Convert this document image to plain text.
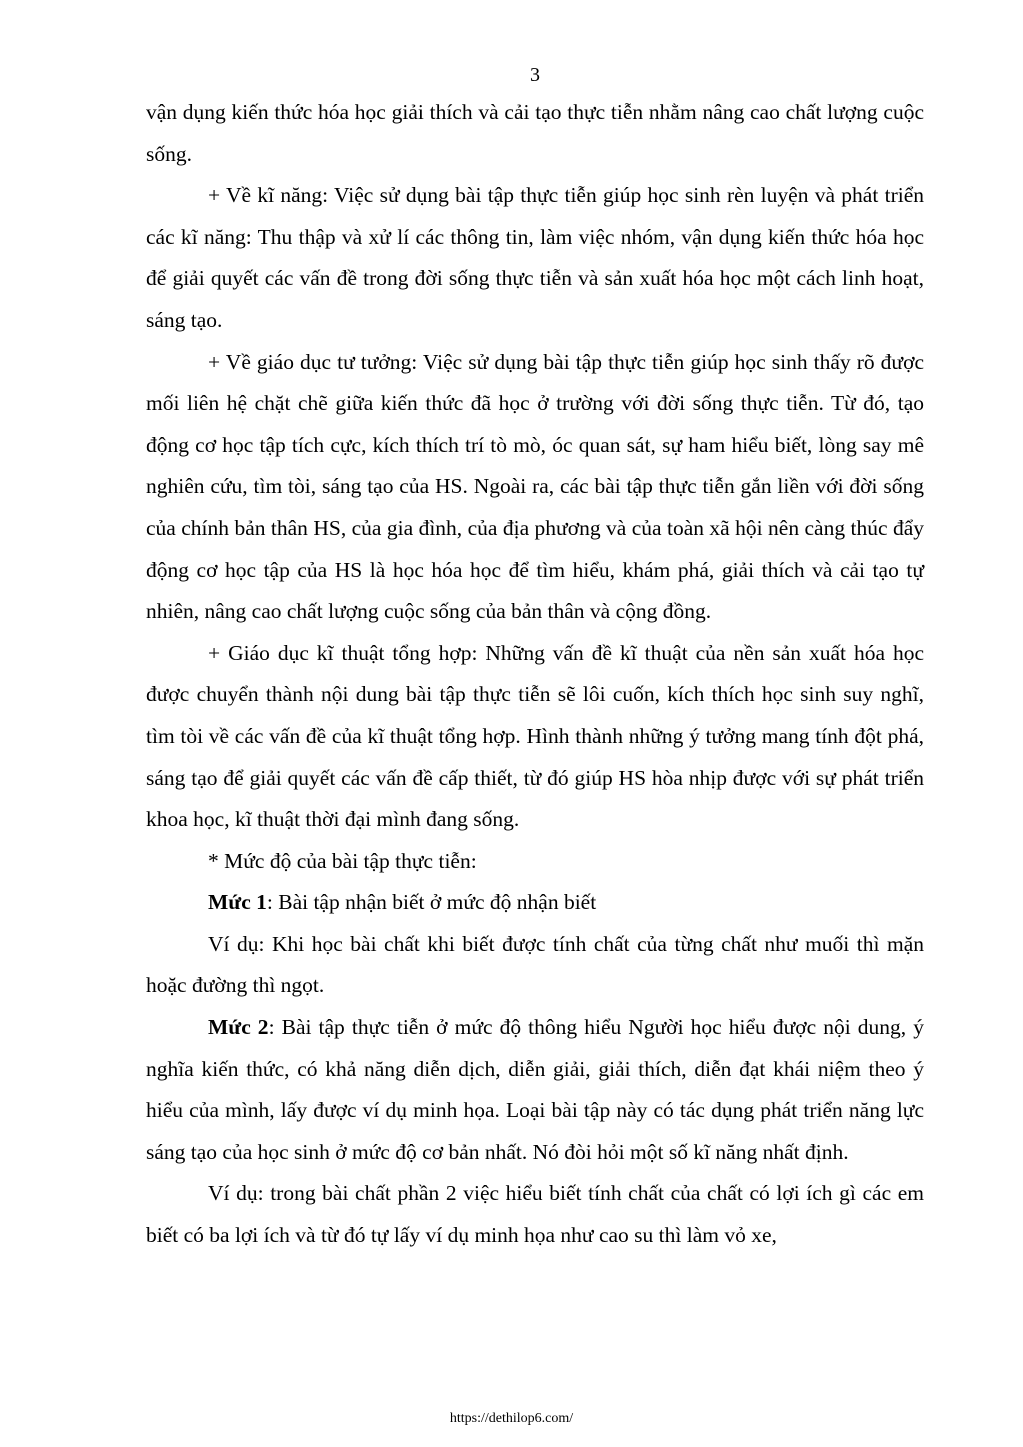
3

vận dụng kiến thức hóa học giải thích và cải tạo thực tiễn nhằm nâng cao chất lượng cuộc sống.

+ Về kĩ năng: Việc sử dụng bài tập thực tiễn giúp học sinh rèn luyện và phát triển các kĩ năng: Thu thập và xử lí các thông tin, làm việc nhóm, vận dụng kiến thức hóa học để giải quyết các vấn đề trong đời sống thực tiễn và sản xuất hóa học một cách linh hoạt, sáng tạo.

+ Về giáo dục tư tưởng: Việc sử dụng bài tập thực tiễn giúp học sinh thấy rõ được mối liên hệ chặt chẽ giữa kiến thức đã học ở trường với đời sống thực tiễn. Từ đó, tạo động cơ học tập tích cực, kích thích trí tò mò, óc quan sát, sự ham hiểu biết, lòng say mê nghiên cứu, tìm tòi, sáng tạo của HS. Ngoài ra, các bài tập thực tiễn gắn liền với đời sống của chính bản thân HS, của gia đình, của địa phương và của toàn xã hội nên càng thúc đẩy động cơ học tập của HS là học hóa học để tìm hiểu, khám phá, giải thích và cải tạo tự nhiên, nâng cao chất lượng cuộc sống của bản thân và cộng đồng.

+ Giáo dục kĩ thuật tổng hợp: Những vấn đề kĩ thuật của nền sản xuất hóa học được chuyển thành nội dung bài tập thực tiễn sẽ lôi cuốn, kích thích học sinh suy nghĩ, tìm tòi về các vấn đề của kĩ thuật tổng hợp. Hình thành những ý tưởng mang tính đột phá, sáng tạo để giải quyết các vấn đề cấp thiết, từ đó giúp HS hòa nhịp được với sự phát triển khoa học, kĩ thuật thời đại mình đang sống.

* Mức độ của bài tập thực tiễn:

Mức 1: Bài tập nhận biết ở mức độ nhận biết

Ví dụ: Khi học bài chất khi biết được tính chất của từng chất như muối thì mặn hoặc đường thì ngọt.

Mức 2: Bài tập thực tiễn ở mức độ thông hiểu Người học hiểu được nội dung, ý nghĩa kiến thức, có khả năng diễn dịch, diễn giải, giải thích, diễn đạt khái niệm theo ý hiểu của mình, lấy được ví dụ minh họa. Loại bài tập này có tác dụng phát triển năng lực sáng tạo của học sinh ở mức độ cơ bản nhất. Nó đòi hỏi một số kĩ năng nhất định.

Ví dụ: trong bài chất phần 2 việc hiểu biết tính chất của chất có lợi ích gì các em biết có ba lợi ích và từ đó tự lấy ví dụ minh họa như cao su thì làm vỏ xe,

https://dethilop6.com/
